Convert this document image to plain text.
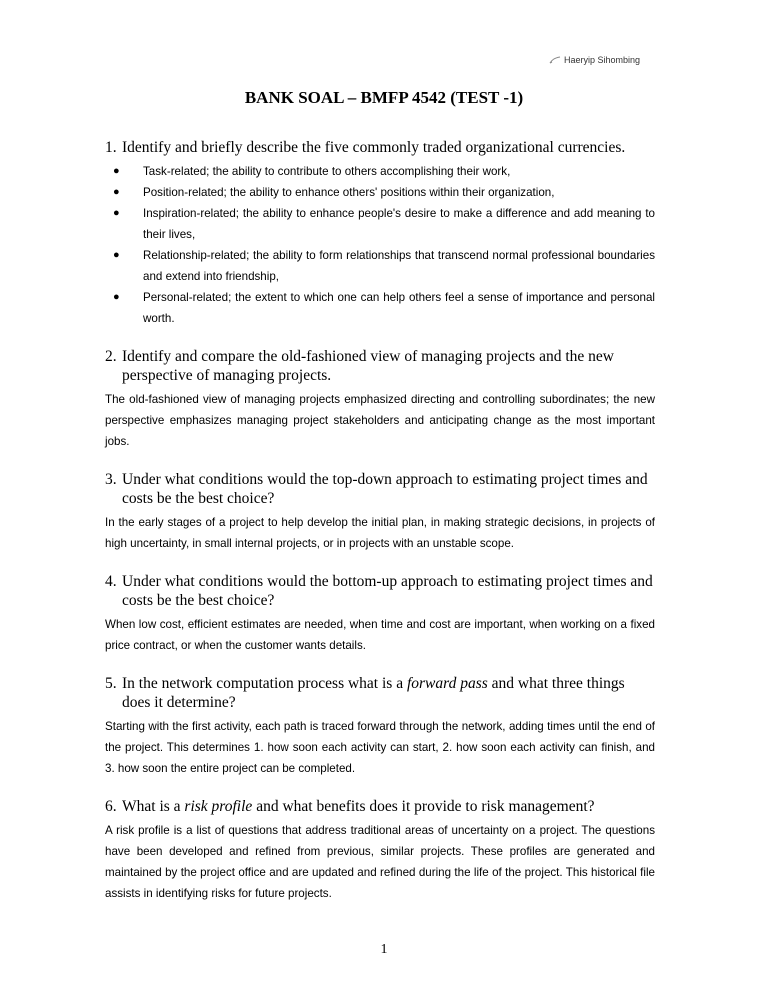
Haeryip Sihombing
BANK SOAL – BMFP 4542 (TEST -1)
1. Identify and briefly describe the five commonly traded organizational currencies.
● Task-related; the ability to contribute to others accomplishing their work,
● Position-related; the ability to enhance others' positions within their organization,
● Inspiration-related; the ability to enhance people's desire to make a difference and add meaning to their lives,
● Relationship-related; the ability to form relationships that transcend normal professional boundaries and extend into friendship,
● Personal-related; the extent to which one can help others feel a sense of importance and personal worth.
2. Identify and compare the old-fashioned view of managing projects and the new perspective of managing projects.
The old-fashioned view of managing projects emphasized directing and controlling subordinates; the new perspective emphasizes managing project stakeholders and anticipating change as the most important jobs.
3. Under what conditions would the top-down approach to estimating project times and costs be the best choice?
In the early stages of a project to help develop the initial plan, in making strategic decisions, in projects of high uncertainty, in small internal projects, or in projects with an unstable scope.
4. Under what conditions would the bottom-up approach to estimating project times and costs be the best choice?
When low cost, efficient estimates are needed, when time and cost are important, when working on a fixed price contract, or when the customer wants details.
5. In the network computation process what is a forward pass and what three things does it determine?
Starting with the first activity, each path is traced forward through the network, adding times until the end of the project. This determines 1. how soon each activity can start, 2. how soon each activity can finish, and 3. how soon the entire project can be completed.
6. What is a risk profile and what benefits does it provide to risk management?
A risk profile is a list of questions that address traditional areas of uncertainty on a project. The questions have been developed and refined from previous, similar projects. These profiles are generated and maintained by the project office and are updated and refined during the life of the project. This historical file assists in identifying risks for future projects.
1
